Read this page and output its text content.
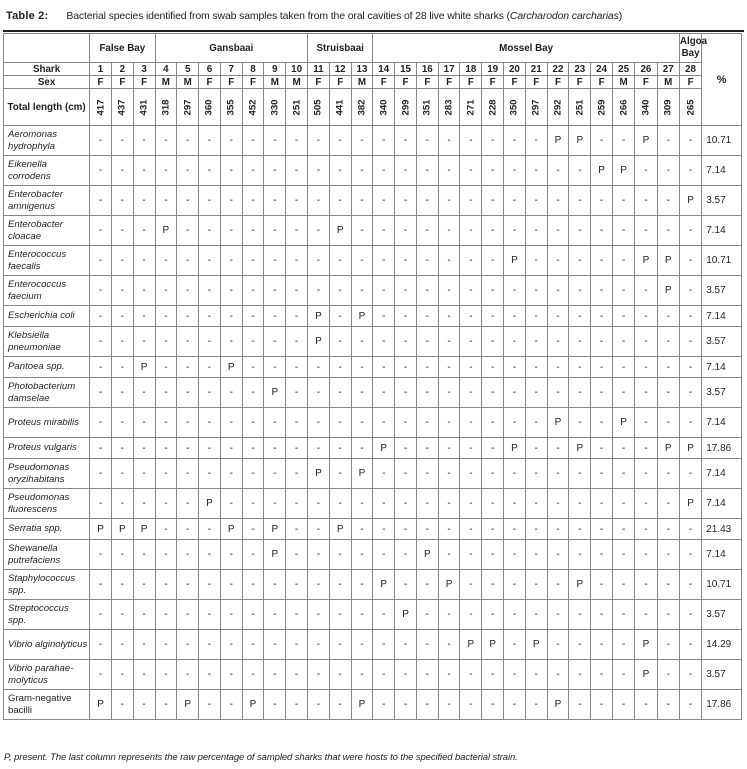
Table 2: Bacterial species identified from swab samples taken from the oral cavities of 28 live white sharks (Carcharodon carcharias)
	False Bay			Gansbaai							Struisbaai			Mossel Bay														Algoa Bay	%
Shark	1	2	3	4	5	6	7	8	9	10	11	12	13	14	15	16	17	18	19	20	21	22	23	24	25	26	27	28	
Sex	F	F	F	M	M	F	F	F	M	M	F	F	M	F	F	F	F	F	F	F	F	F	F	F	M	F	M	F	
Total length (cm)	417	437	431	318	297	360	355	452	330	251	505	441	382	340	299	351	283	271	228	350	297	292	251	259	266	340	309	265	
Aeromonas hydrophyla	-	-	-	-	-	-	-	-	-	-	-	-	-	-	-	-	-	-	-	-	-	P	P	-	-	P	-	-	10.71
Eikenella corrodens	-	-	-	-	-	-	-	-	-	-	-	-	-	-	-	-	-	-	-	-	-	-	-	P	P	-	-	-	7.14
Enterobacter amnigenus	-	-	-	-	-	-	-	-	-	-	-	-	-	-	-	-	-	-	-	-	-	-	-	-	-	-	-	P	3.57
Enterobacter cloacae	-	-	-	P	-	-	-	-	-	-	-	P	-	-	-	-	-	-	-	-	-	-	-	-	-	-	-	-	7.14
Enterococcus faecalis	-	-	-	-	-	-	-	-	-	-	-	-	-	-	-	-	-	-	-	P	-	-	-	-	-	P	P	-	10.71
Enterococcus faecium	-	-	-	-	-	-	-	-	-	-	-	-	-	-	-	-	-	-	-	-	-	-	-	-	-	-	P	-	3.57
Escherichia coli	-	-	-	-	-	-	-	-	-	-	P	-	P	-	-	-	-	-	-	-	-	-	-	-	-	-	-	-	7.14
Klebsiella pneumoniae	-	-	-	-	-	-	-	-	-	-	P	-	-	-	-	-	-	-	-	-	-	-	-	-	-	-	-	-	3.57
Pantoea spp.	-	-	P	-	-	-	P	-	-	-	-	-	-	-	-	-	-	-	-	-	-	-	-	-	-	-	-	-	7.14
Photobacterium damselae	-	-	-	-	-	-	-	-	P	-	-	-	-	-	-	-	-	-	-	-	-	-	-	-	-	-	-	-	3.57
Proteus mirabilis	-	-	-	-	-	-	-	-	-	-	-	-	-	-	-	-	-	-	-	-	-	P	-	-	P	-	-	-	7.14
Proteus vulgaris	-	-	-	-	-	-	-	-	-	-	-	-	-	P	-	-	-	-	-	P	-	-	P	-	-	-	P	P	17.86
Pseudomonas oryzihabitans	-	-	-	-	-	-	-	-	-	-	P	-	P	-	-	-	-	-	-	-	-	-	-	-	-	-	-	-	7.14
Pseudomonas fluorescens	-	-	-	-	-	P	-	-	-	-	-	-	-	-	-	-	-	-	-	-	-	-	-	-	-	-	-	P	7.14
Serratia spp.	P	P	P	-	-	-	P	-	P	-	-	P	-	-	-	-	-	-	-	-	-	-	-	-	-	-	-	-	21.43
Shewanella putrefaciens	-	-	-	-	-	-	-	-	P	-	-	-	-	-	-	P	-	-	-	-	-	-	-	-	-	-	-	-	7.14
Staphylococcus spp.	-	-	-	-	-	-	-	-	-	-	-	-	-	P	-	-	P	-	-	-	-	-	P	-	-	-	-	-	10.71
Streptococcus spp.	-	-	-	-	-	-	-	-	-	-	-	-	-	-	P	-	-	-	-	-	-	-	-	-	-	-	-	-	3.57
Vibrio alginolyticus	-	-	-	-	-	-	-	-	-	-	-	-	-	-	-	-	-	P	P	-	P	-	-	-	-	P	-	-	14.29
Vibrio parahae-molyticus	-	-	-	-	-	-	-	-	-	-	-	-	-	-	-	-	-	-	-	-	-	-	-	-	-	P	-	-	3.57
Gram-negative bacilli	P	-	-	-	P	-	-	P	-	-	-	-	P	-	-	-	-	-	-	-	-	P	-	-	-	-	-	-	17.86
P, present. The last column represents the raw percentage of sampled sharks that were hosts to the specified bacterial strain.
